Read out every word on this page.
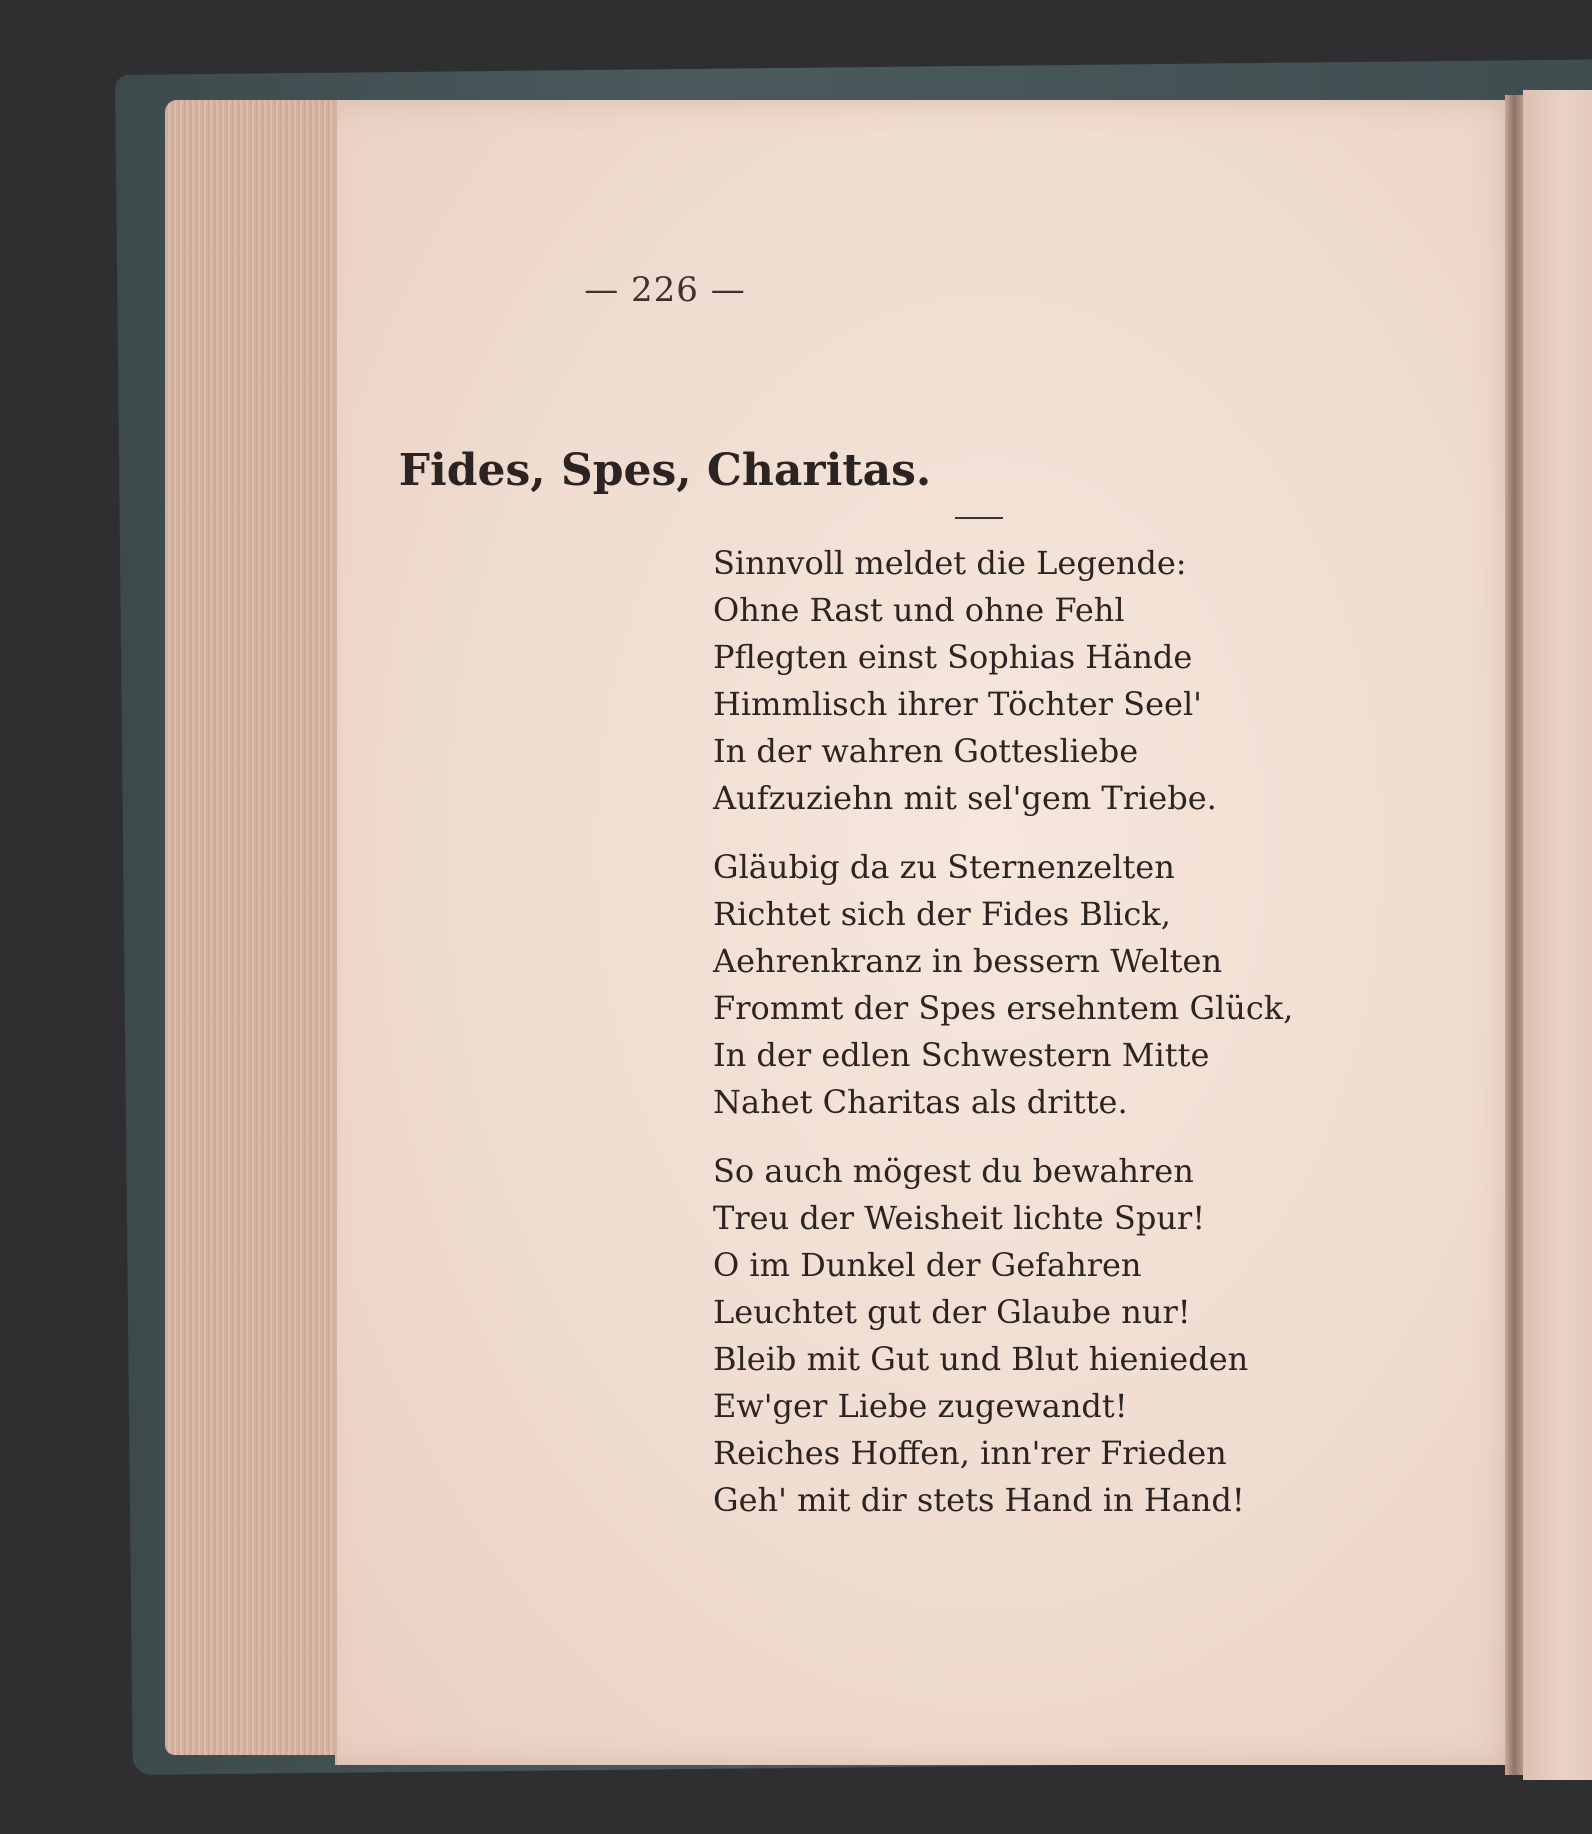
— 226 —
Fides, Spes, Charitas.
Sinnvoll meldet die Legende:
Ohne Rast und ohne Fehl
Pflegten einst Sophias Hände
Himmlisch ihrer Töchter Seel'
In der wahren Gottesliebe
Aufzuziehn mit sel'gem Triebe.
Gläubig da zu Sternenzelten
Richtet sich der Fides Blick,
Aehrenkranz in bessern Welten
Frommt der Spes ersehntem Glück,
In der edlen Schwestern Mitte
Nahet Charitas als dritte.
So auch mögest du bewahren
Treu der Weisheit lichte Spur!
O im Dunkel der Gefahren
Leuchtet gut der Glaube nur!
Bleib mit Gut und Blut hienieden
Ew'ger Liebe zugewandt!
Reiches Hoffen, inn'rer Frieden
Geh' mit dir stets Hand in Hand!
